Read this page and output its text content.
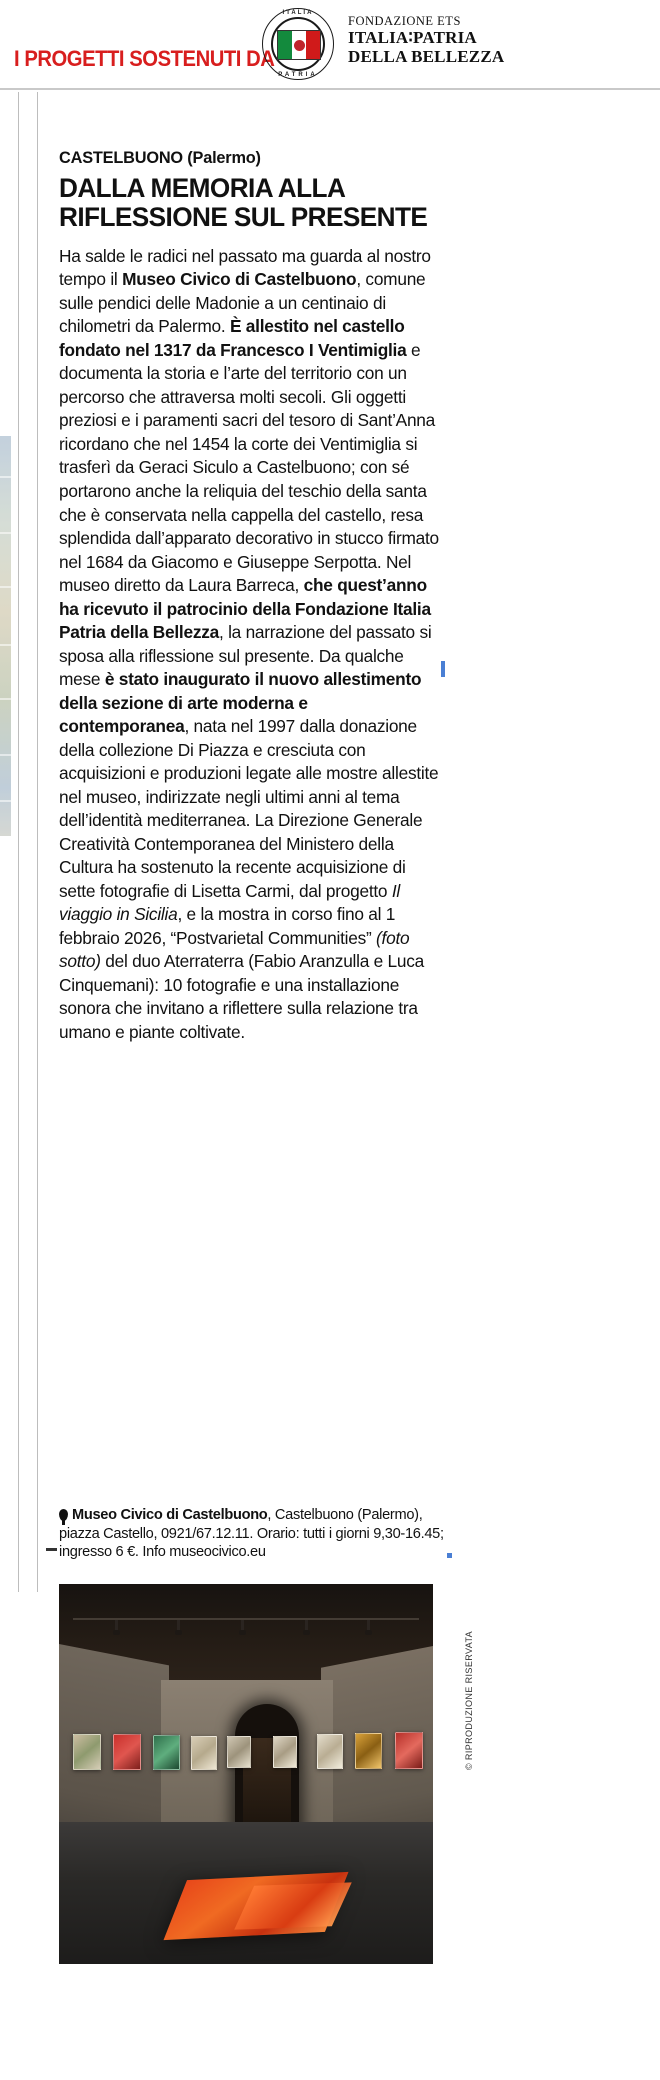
I PROGETTI SOSTENUTI DA
ITALIA
PATRIA
FONDAZIONE ETS
ITALIA∶PATRIA
DELLA BELLEZZA
CASTELBUONO (Palermo)
DALLA MEMORIA ALLA RIFLESSIONE SUL PRESENTE
Ha salde le radici nel passato ma guarda al nostro tempo il Museo Civico di Castelbuono, comune sulle pendici delle Madonie a un centinaio di chilometri da Palermo. È allestito nel castello fondato nel 1317 da Francesco I Ventimiglia e documenta la storia e l’arte del territorio con un percorso che attraversa molti secoli. Gli oggetti preziosi e i paramenti sacri del tesoro di Sant’Anna ricordano che nel 1454 la corte dei Ventimiglia si trasferì da Geraci Siculo a Castelbuono; con sé portarono anche la reliquia del teschio della santa che è conservata nella cappella del castello, resa splendida dall’apparato decorativo in stucco firmato nel 1684 da Giacomo e Giuseppe Serpotta. Nel museo diretto da Laura Barreca, che quest’anno ha ricevuto il patrocinio della Fondazione Italia Patria della Bellezza, la narrazione del passato si sposa alla riflessione sul presente. Da qualche mese è stato inaugurato il nuovo allestimento della sezione di arte moderna e contemporanea, nata nel 1997 dalla donazione della collezione Di Piazza e cresciuta con acquisizioni e produzioni legate alle mostre allestite nel museo, indirizzate negli ultimi anni al tema dell’identità mediterranea. La Direzione Generale Creatività Contemporanea del Ministero della Cultura ha sostenuto la recente acquisizione di sette fotografie di Lisetta Carmi, dal progetto Il viaggio in Sicilia, e la mostra in corso fino al 1 febbraio 2026, “Postvarietal Communities” (foto sotto) del duo Aterraterra (Fabio Aranzulla e Luca Cinquemani): 10 fotografie e una installazione sonora che invitano a riflettere sulla relazione tra umano e piante coltivate.
Museo Civico di Castelbuono, Castelbuono (Palermo), piazza Castello, 0921/67.12.11. Orario: tutti i giorni 9,30-16.45; ingresso 6 €. Info museocivico.eu
© RIPRODUZIONE RISERVATA
